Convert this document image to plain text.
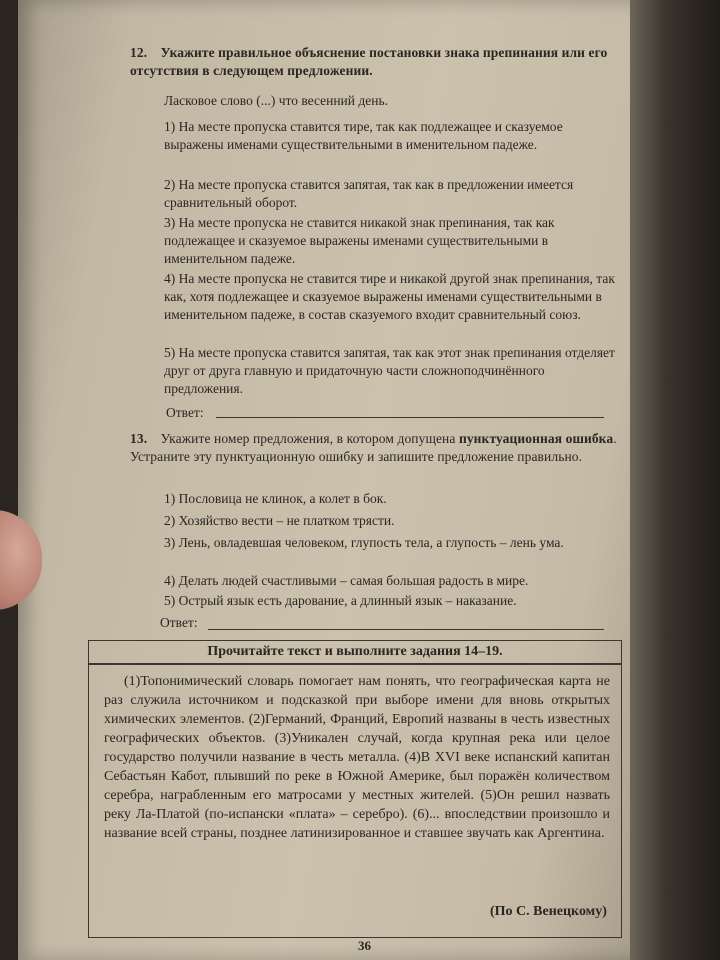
12. Укажите правильное объяснение постановки знака препинания или его отсутствия в следующем предложении.
Ласковое слово (...) что весенний день.
1) На месте пропуска ставится тире, так как подлежащее и сказуемое выражены именами существительными в именительном падеже.
2) На месте пропуска ставится запятая, так как в предложении имеется сравнительный оборот.
3) На месте пропуска не ставится никакой знак препинания, так как подлежащее и сказуемое выражены именами существительными в именительном падеже.
4) На месте пропуска не ставится тире и никакой другой знак препинания, так как, хотя подлежащее и сказуемое выражены именами существительными в именительном падеже, в состав сказуемого входит сравнительный союз.
5) На месте пропуска ставится запятая, так как этот знак препинания отделяет друг от друга главную и придаточную части сложноподчинённого предложения.
Ответ:
13. Укажите номер предложения, в котором допущена пунктуационная ошибка. Устраните эту пунктуационную ошибку и запишите предложение правильно.
1) Пословица не клинок, а колет в бок.
2) Хозяйство вести – не платком трясти.
3) Лень, овладевшая человеком, глупость тела, а глупость – лень ума.
4) Делать людей счастливыми – самая большая радость в мире.
5) Острый язык есть дарование, а длинный язык – наказание.
Ответ:
Прочитайте текст и выполните задания 14–19.
(1)Топонимический словарь помогает нам понять, что географическая карта не раз служила источником и подсказкой при выборе имени для вновь открытых химических элементов. (2)Германий, Франций, Европий названы в честь известных географических объектов. (3)Уникален случай, когда крупная река или целое государство получили название в честь металла. (4)В XVI веке испанский капитан Себастьян Кабот, плывший по реке в Южной Америке, был поражён количеством серебра, награбленным его матросами у местных жителей. (5)Он решил назвать реку Ла-Платой (по-испански «плата» – серебро). (6)... впоследствии произошло и название всей страны, позднее латинизированное и ставшее звучать как Аргентина.
(По С. Венецкому)
36
